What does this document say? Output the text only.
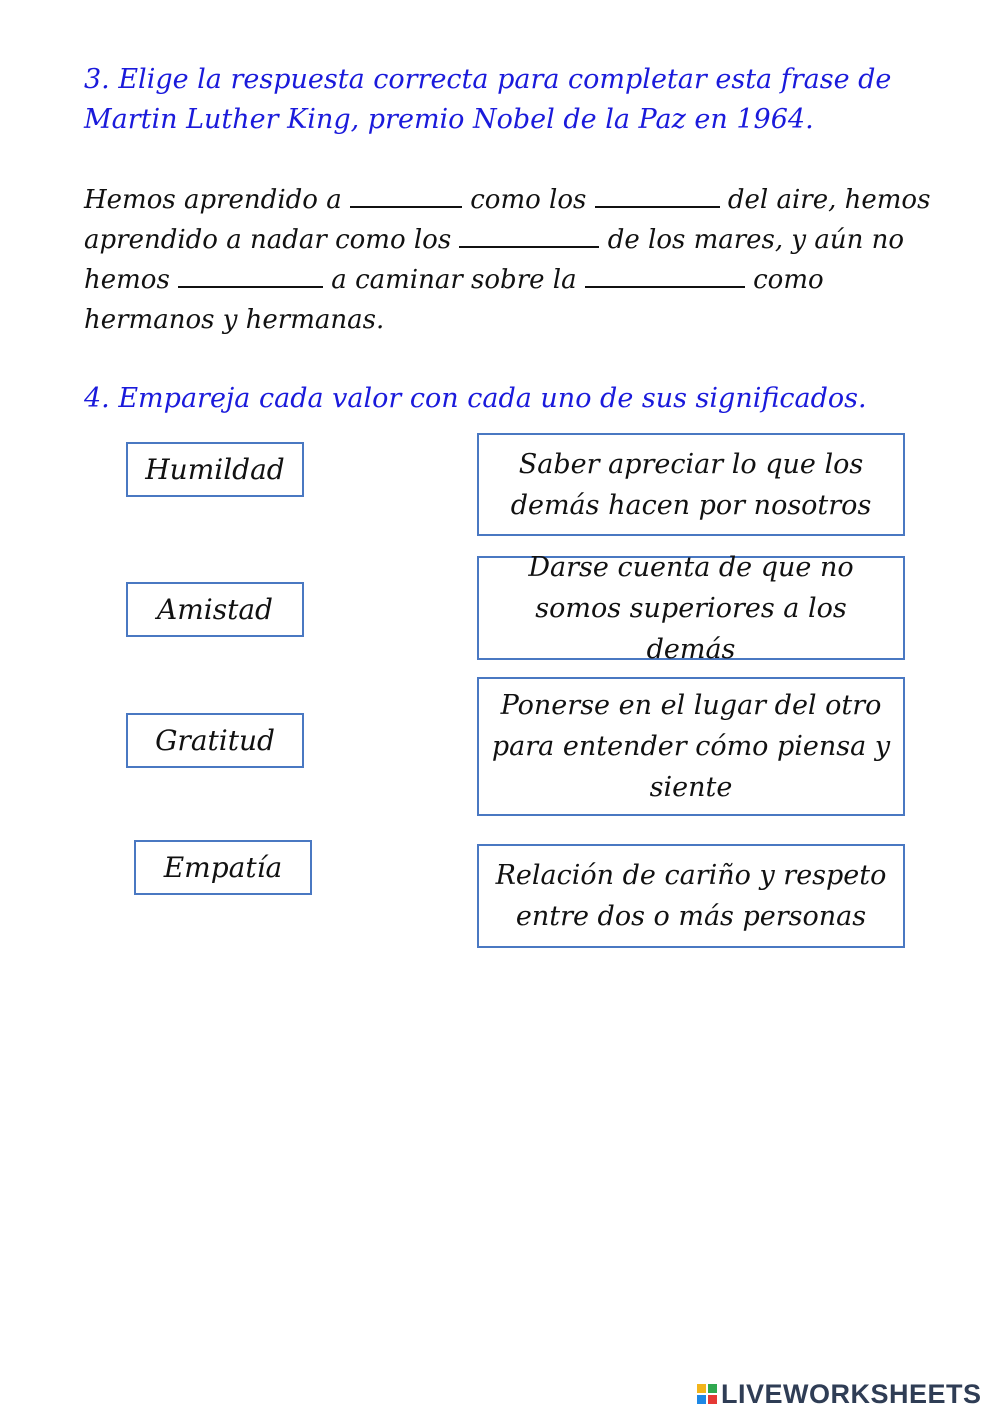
3. Elige la respuesta correcta para completar esta frase de Martin Luther King, premio Nobel de la Paz en 1964.
Hemos aprendido a	como los	del aire, hemos aprendido a nadar como los	de los mares, y aún no hemos	a caminar sobre la	como hermanos y hermanas.
4. Empareja cada valor con cada uno de sus significados.
Humildad
Amistad
Gratitud
Empatía
Saber apreciar lo que los demás hacen por nosotros
Darse cuenta de que no somos superiores a los demás
Ponerse en el lugar del otro para entender cómo piensa y siente
Relación de cariño y respeto entre dos o más personas
LIVEWORKSHEETS
